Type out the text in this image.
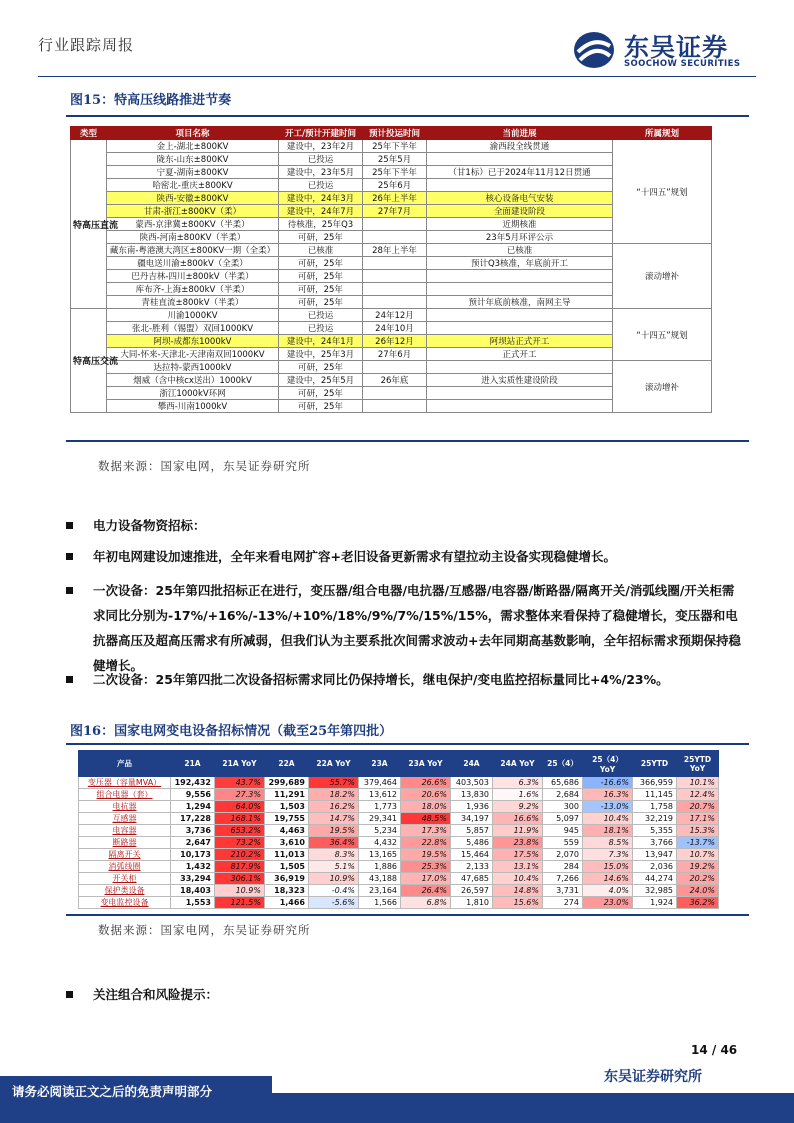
行业跟踪周报	东吴证券
SOOCHOW SECURITIES
图15：特高压线路推进节奏
类型	项目名称	开工/预计开建时间	预计投运时间	当前进展	所属规划
特高压直流	金上-湖北±800KV	建设中，23年2月	25年下半年	渝西段全线贯通	“十四五”规划
	陇东-山东±800KV	已投运	25年5月		
	宁夏-湖南±800KV	建设中，23年5月	25年下半年	（甘1标）已于2024年11月12日贯通	
	哈密北-重庆±800KV	已投运	25年6月		
	陕西-安徽±800KV	建设中，24年3月	26年上半年	核心设备电气安装	
	甘肃-浙江±800KV（柔）	建设中，24年7月	27年7月	全面建设阶段	
	蒙西-京津冀±800KV（半柔）	待核准，25年Q3		近期核准	
	陕西-河南±800KV（半柔）	可研，25年		23年5月环评公示	
	藏东南-粤港澳大湾区±800KV一期（全柔）	已核准	28年上半年	已核准	滚动增补
	疆电送川渝±800kV（全柔）	可研，25年		预计Q3核准，年底前开工	
	巴丹吉林-四川±800kV（半柔）	可研，25年			
	库布齐-上海±800kV（半柔）	可研，25年			
	青桂直流±800kV（半柔）	可研，25年		预计年底前核准，南网主导	
特高压交流	川渝1000KV	已投运	24年12月		“十四五”规划
	张北-胜利（锡盟）双回1000KV	已投运	24年10月		
	阿坝-成都东1000kV	建设中，24年1月	26年12月	阿坝站正式开工	
	大同-怀来-天津北-天津南双回1000KV	建设中，25年3月	27年6月	正式开工	
	达拉特-蒙西1000kV	可研，25年			滚动增补
	烟威（含中核cx送出）1000kV	建设中，25年5月	26年底	进入实质性建设阶段	
	浙江1000kV环网	可研，25年			
	攀西-川南1000kV	可研，25年			
数据来源：国家电网，东吴证券研究所
电力设备物资招标：
年初电网建设加速推进，全年来看电网扩容+老旧设备更新需求有望拉动主设备实现稳健增长。
一次设备：25年第四批招标正在进行，变压器/组合电器/电抗器/互感器/电容器/断路器/隔离开关/消弧线圈/开关柜需求同比分别为-17%/+16%/-13%/+10%/18%/9%/7%/15%/15%，需求整体来看保持了稳健增长，变压器和电抗器高压及超高压需求有所减弱，但我们认为主要系批次间需求波动+去年同期高基数影响，全年招标需求预期保持稳健增长。
二次设备：25年第四批二次设备招标需求同比仍保持增长，继电保护/变电监控招标量同比+4%/23%。
图16：国家电网变电设备招标情况（截至25年第四批）
产品	21A	21A YoY	22A	22A YoY	23A	23A YoY	24A	24A YoY	25（4）	25（4） YoY	25YTD	25YTD YoY
变压器（容量MVA）	192,432	43.7%	299,689	55.7%	379,464	26.6%	403,503	6.3%	65,686	-16.6%	366,959	10.1%
组合电器（套）	9,556	27.3%	11,291	18.2%	13,612	20.6%	13,830	1.6%	2,684	16.3%	11,145	12.4%
电抗器	1,294	64.0%	1,503	16.2%	1,773	18.0%	1,936	9.2%	300	-13.0%	1,758	20.7%
互感器	17,228	168.1%	19,755	14.7%	29,341	48.5%	34,197	16.6%	5,097	10.4%	32,219	17.1%
电容器	3,736	653.2%	4,463	19.5%	5,234	17.3%	5,857	11.9%	945	18.1%	5,355	15.3%
断路器	2,647	73.2%	3,610	36.4%	4,432	22.8%	5,486	23.8%	559	8.5%	3,766	-13.7%
隔离开关	10,173	210.2%	11,013	8.3%	13,165	19.5%	15,464	17.5%	2,070	7.3%	13,947	10.7%
消弧线圈	1,432	817.9%	1,505	5.1%	1,886	25.3%	2,133	13.1%	284	15.0%	2,036	19.2%
开关柜	33,294	306.1%	36,919	10.9%	43,188	17.0%	47,685	10.4%	7,266	14.6%	44,274	20.2%
保护类设备	18,403	10.9%	18,323	-0.4%	23,164	26.4%	26,597	14.8%	3,731	4.0%	32,985	24.0%
变电监控设备	1,553	121.5%	1,466	-5.6%	1,566	6.8%	1,810	15.6%	274	23.0%	1,924	36.2%
数据来源：国家电网，东吴证券研究所
关注组合和风险提示：
14 / 46
请务必阅读正文之后的免责声明部分
东吴证券研究所
